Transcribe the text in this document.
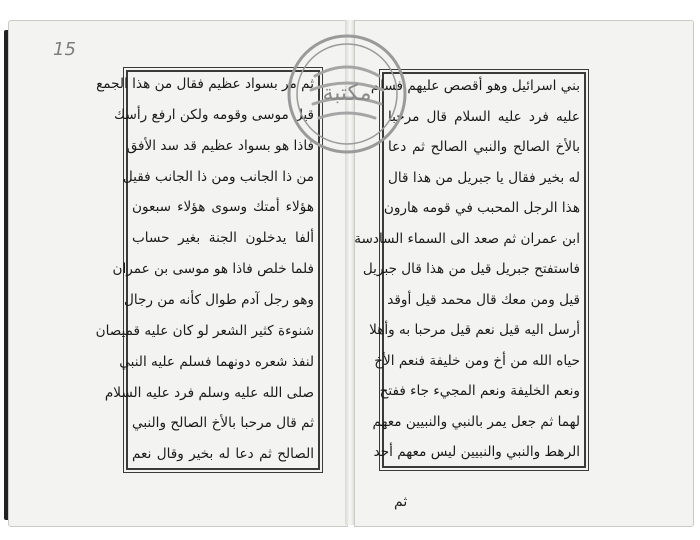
15
ثم مر بسواد عظيم فقال من هذا الجمع
قيل موسى وقومه ولكن ارفع رأسك
فاذا هو بسواد عظيم قد سد الأفق
من ذا الجانب ومن ذا الجانب فقيل
هؤلاء أمتك وسوى هؤلاء سبعون
ألفا يدخلون الجنة بغير حساب
فلما خلص فاذا هو موسى بن عمران
وهو رجل آدم طوال كأنه من رجال
شنوءة كثير الشعر لو كان عليه قميصان
لنفذ شعره دونهما فسلم عليه النبي
صلى الله عليه وسلم فرد عليه السلام
ثم قال مرحبا بالأخ الصالح والنبي
الصالح ثم دعا له بخير وقال نعم
بني اسرائيل وهو أقصص عليهم فسلم
عليه فرد عليه السلام قال مرحبا
بالأخ الصالح والنبي الصالح ثم دعا
له بخير فقال يا جبريل من هذا قال
هذا الرجل المحبب في قومه هارون
ابن عمران ثم صعد الى السماء السادسة
فاستفتح جبريل قيل من هذا قال جبريل
قيل ومن معك قال محمد قيل أوقد
أرسل اليه قيل نعم قيل مرحبا به وأهلا
حياه الله من أخ ومن خليفة فنعم الأخ
ونعم الخليفة ونعم المجيء جاء ففتح
لهما ثم جعل يمر بالنبي والنبيين معهم
الرهط والنبي والنبيين ليس معهم أحد
ثم
مكتبة
